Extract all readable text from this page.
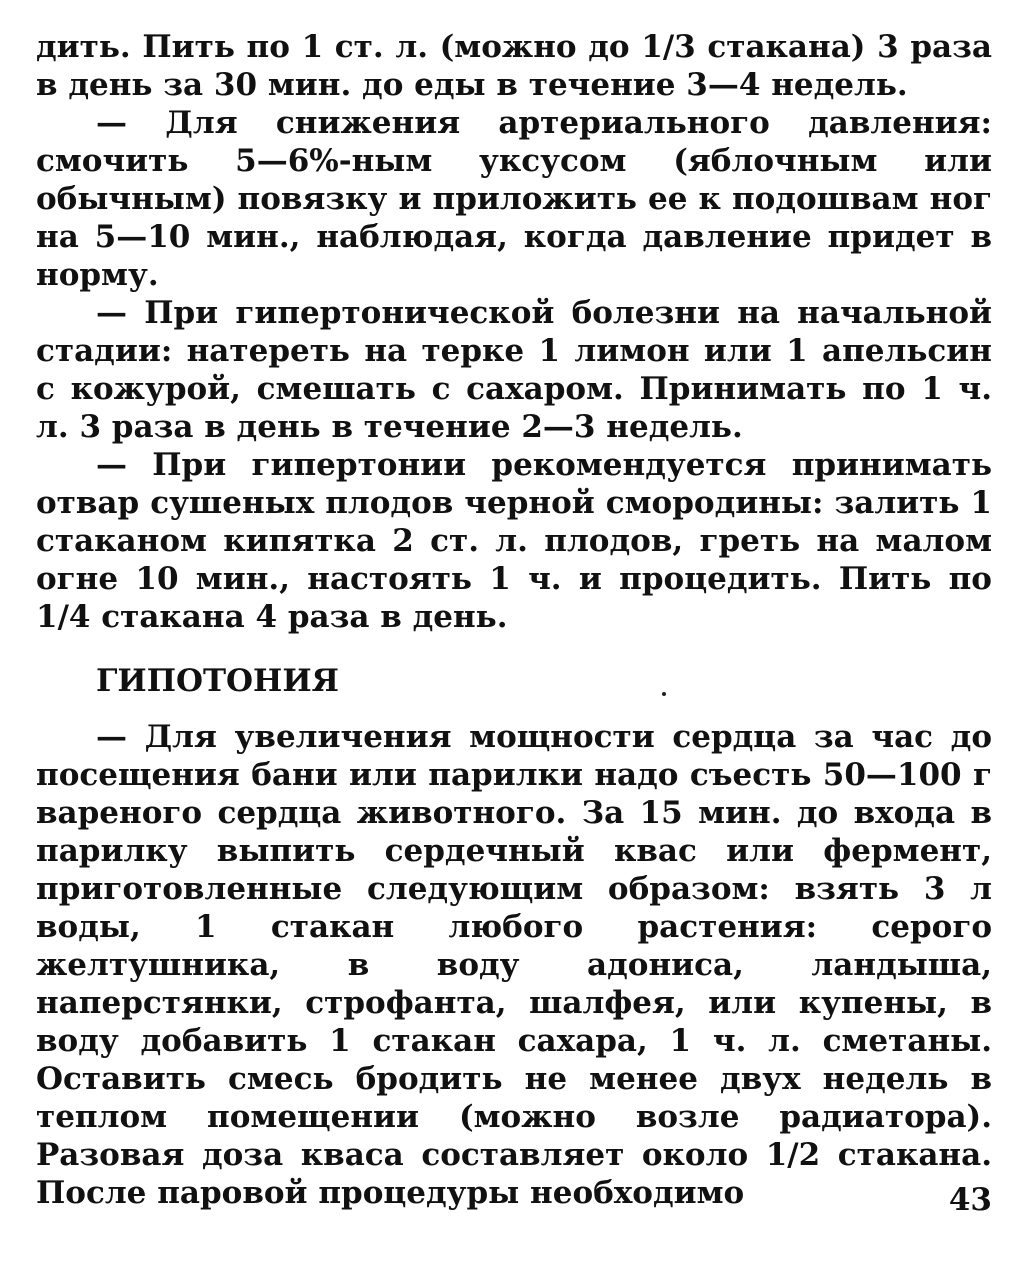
дить. Пить по 1 ст. л. (можно до 1/3 стакана) 3 раза в день за 30 мин. до еды в течение 3—4 недель.

— Для снижения артериального давления: смочить 5—6%-ным уксусом (яблочным или обычным) повязку и приложить ее к подошвам ног на 5—10 мин., наблюдая, когда давление придет в норму.

— При гипертонической болезни на начальной стадии: натереть на терке 1 лимон или 1 апельсин с кожурой, смешать с сахаром. Принимать по 1 ч. л. 3 раза в день в течение 2—3 недель.

— При гипертонии рекомендуется принимать отвар сушеных плодов черной смородины: залить 1 стаканом кипятка 2 ст. л. плодов, греть на малом огне 10 мин., настоять 1 ч. и процедить. Пить по 1/4 стакана 4 раза в день.

ГИПОТОНИЯ

— Для увеличения мощности сердца за час до посещения бани или парилки надо съесть 50—100 г вареного сердца животного. За 15 мин. до входа в парилку выпить сердечный квас или фермент, приготовленные следующим образом: взять 3 л воды, 1 стакан любого растения: серого желтушника, в воду адониса, ландыша, наперстянки, строфанта, шалфея, или купены, в воду добавить 1 стакан сахара, 1 ч. л. сметаны. Оставить смесь бродить не менее двух недель в теплом помещении (можно возле радиатора). Разовая доза кваса составляет около 1/2 стакана. После паровой процедуры необходимо	43
